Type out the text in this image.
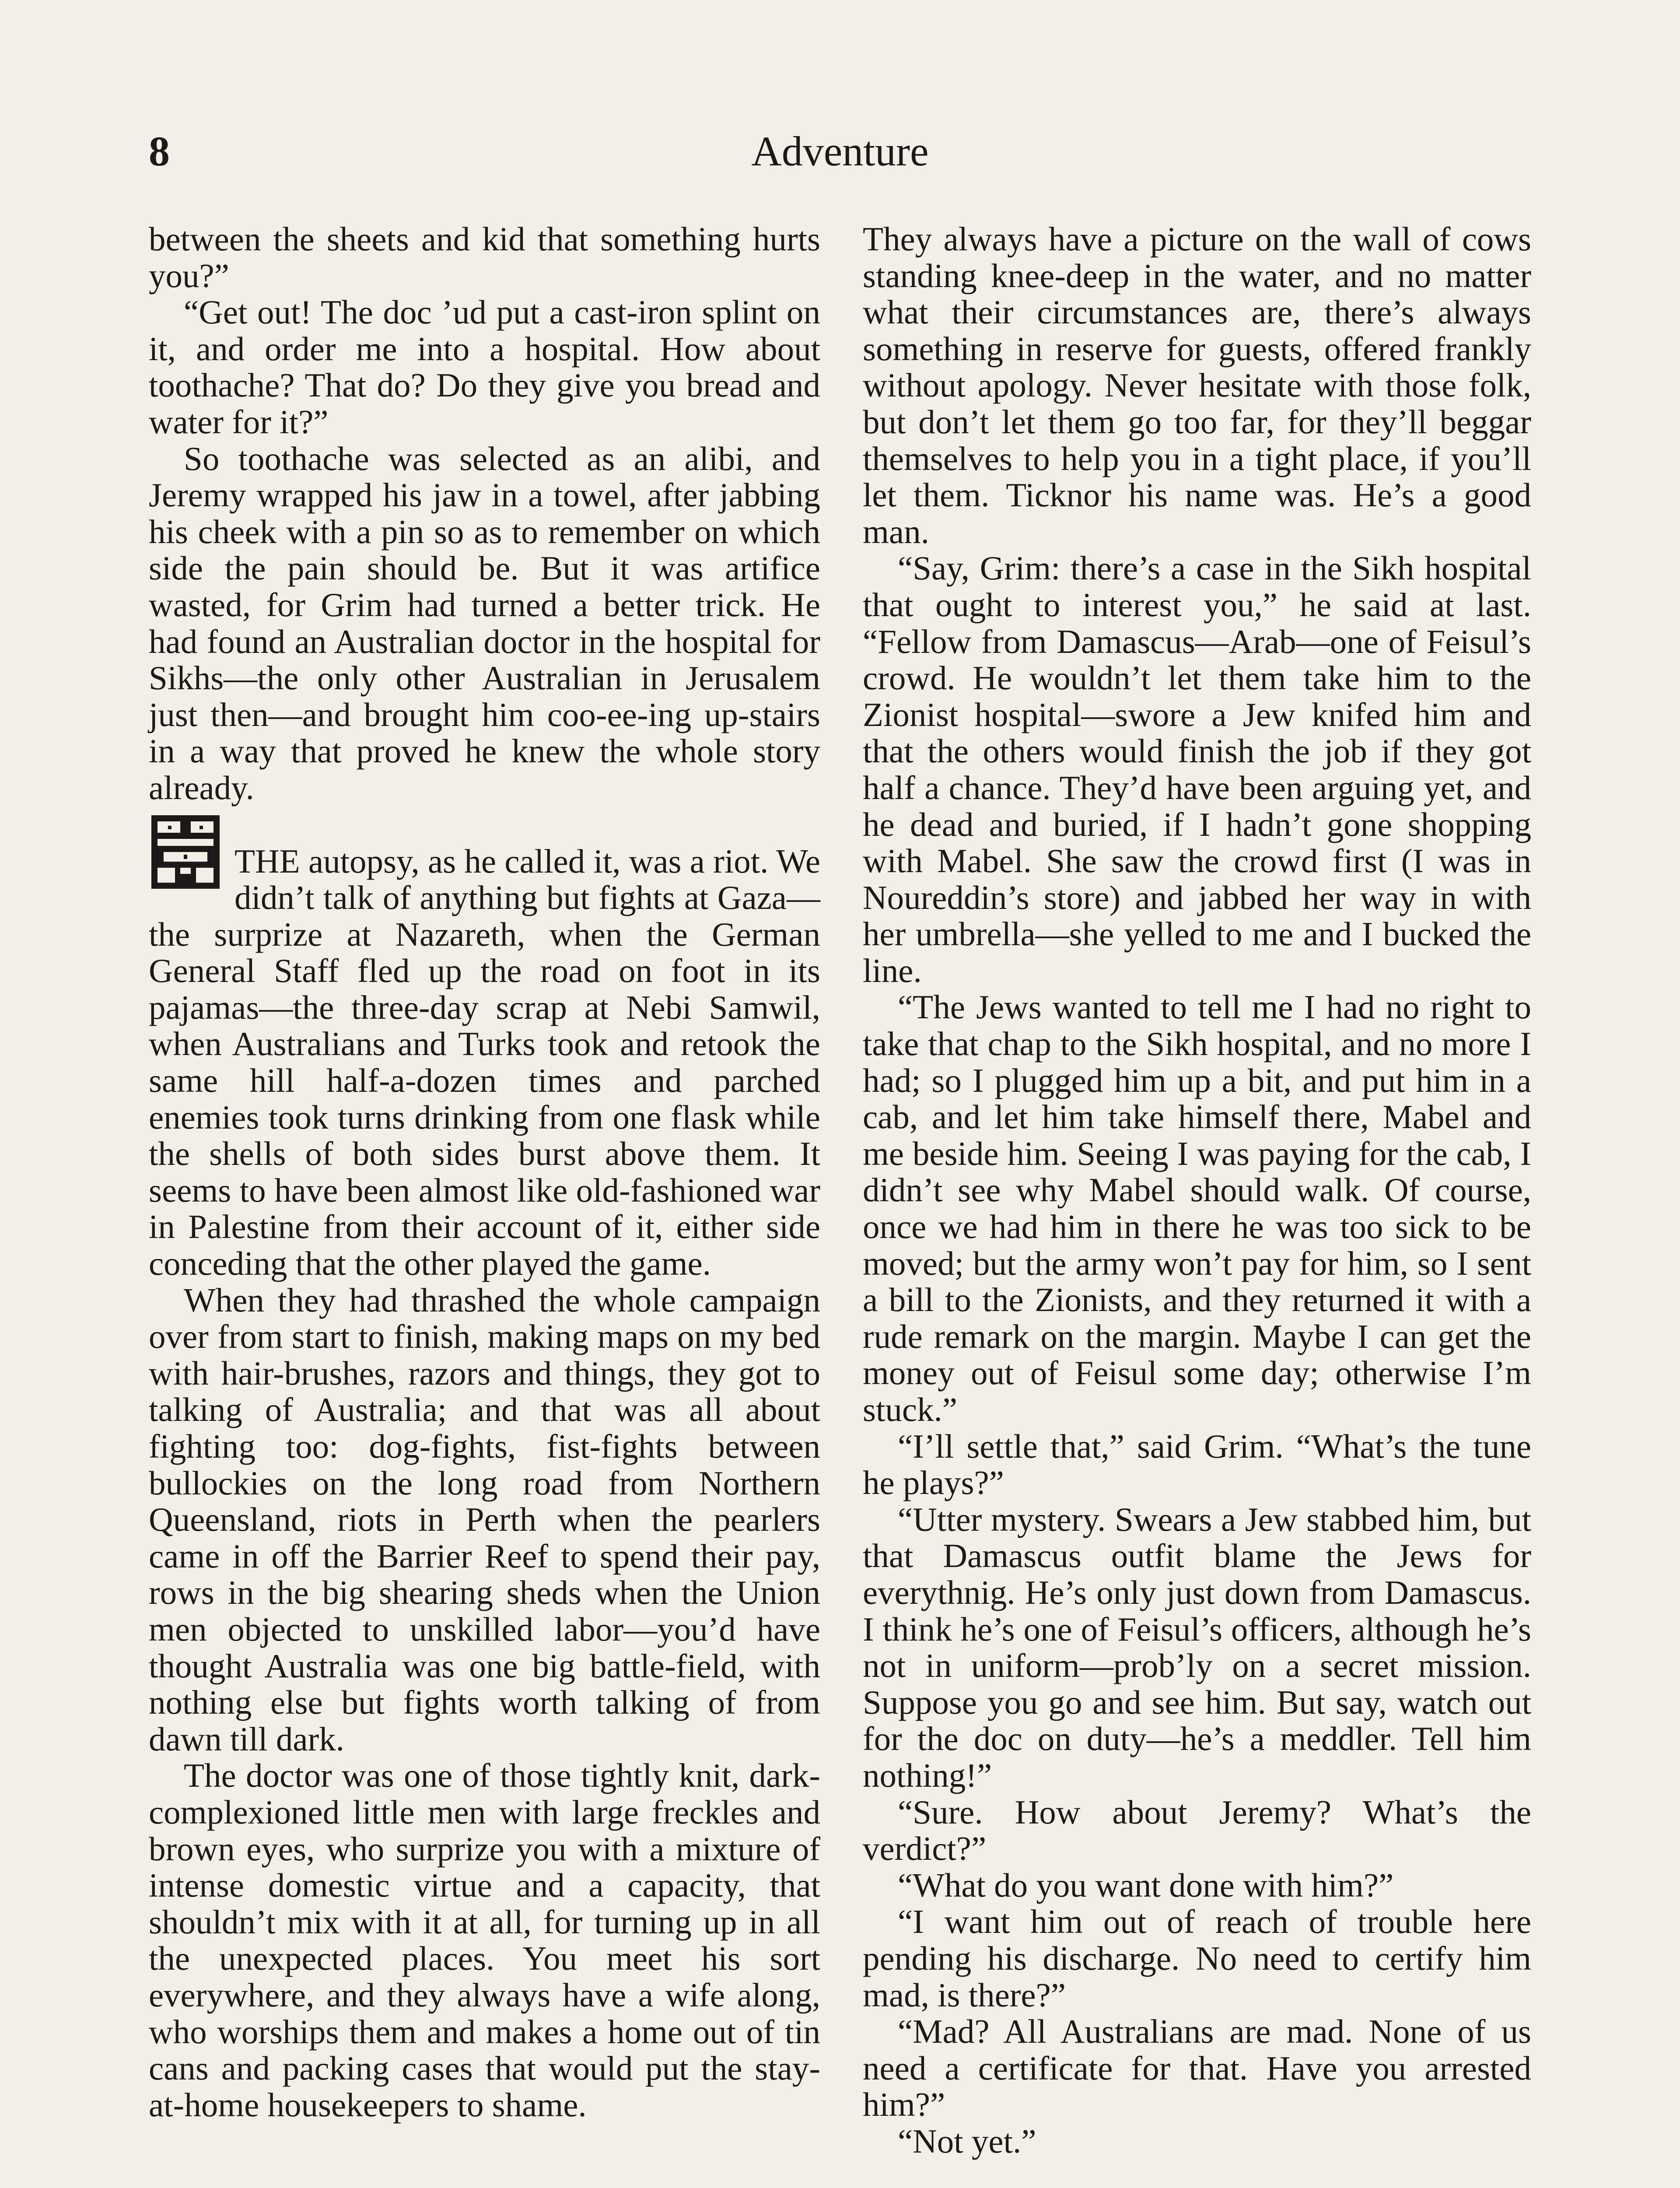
8	Adventure

between the sheets and kid that something hurts you?”

“Get out! The doc ’ud put a cast-iron splint on it, and order me into a hospital. How about toothache? That do? Do they give you bread and water for it?”

So toothache was selected as an alibi, and Jeremy wrapped his jaw in a towel, after jabbing his cheek with a pin so as to remember on which side the pain should be. But it was artifice wasted, for Grim had turned a better trick. He had found an Australian doctor in the hospital for Sikhs—the only other Australian in Jerusalem just then—and brought him coo-ee-ing up-stairs in a way that proved he knew the whole story already.

THE autopsy, as he called it, was a riot. We didn’t talk of anything but fights at Gaza—the surprize at Nazareth, when the German General Staff fled up the road on foot in its pajamas—the three-day scrap at Nebi Samwil, when Australians and Turks took and retook the same hill half-a-dozen times and parched enemies took turns drinking from one flask while the shells of both sides burst above them. It seems to have been almost like old-fashioned war in Palestine from their account of it, either side conceding that the other played the game.

When they had thrashed the whole campaign over from start to finish, making maps on my bed with hair-brushes, razors and things, they got to talking of Australia; and that was all about fighting too: dog-fights, fist-fights between bullockies on the long road from Northern Queensland, riots in Perth when the pearlers came in off the Barrier Reef to spend their pay, rows in the big shearing sheds when the Union men objected to unskilled labor—you’d have thought Australia was one big battle-field, with nothing else but fights worth talking of from dawn till dark.

The doctor was one of those tightly knit, dark-complexioned little men with large freckles and brown eyes, who surprize you with a mixture of intense domestic virtue and a capacity, that shouldn’t mix with it at all, for turning up in all the unexpected places. You meet his sort everywhere, and they always have a wife along, who worships them and makes a home out of tin cans and packing cases that would put the stay-at-home housekeepers to shame.

They always have a picture on the wall of cows standing knee-deep in the water, and no matter what their circumstances are, there’s always something in reserve for guests, offered frankly without apology. Never hesitate with those folk, but don’t let them go too far, for they’ll beggar themselves to help you in a tight place, if you’ll let them. Ticknor his name was. He’s a good man.

“Say, Grim: there’s a case in the Sikh hospital that ought to interest you,” he said at last. “Fellow from Damascus—Arab—one of Feisul’s crowd. He wouldn’t let them take him to the Zionist hospital—swore a Jew knifed him and that the others would finish the job if they got half a chance. They’d have been arguing yet, and he dead and buried, if I hadn’t gone shopping with Mabel. She saw the crowd first (I was in Noureddin’s store) and jabbed her way in with her umbrella—she yelled to me and I bucked the line.

“The Jews wanted to tell me I had no right to take that chap to the Sikh hospital, and no more I had; so I plugged him up a bit, and put him in a cab, and let him take himself there, Mabel and me beside him. Seeing I was paying for the cab, I didn’t see why Mabel should walk. Of course, once we had him in there he was too sick to be moved; but the army won’t pay for him, so I sent a bill to the Zionists, and they returned it with a rude remark on the margin. Maybe I can get the money out of Feisul some day; otherwise I’m stuck.”

“I’ll settle that,” said Grim. “What’s the tune he plays?”

“Utter mystery. Swears a Jew stabbed him, but that Damascus outfit blame the Jews for everythnig. He’s only just down from Damascus. I think he’s one of Feisul’s officers, although he’s not in uniform—prob’ly on a secret mission. Suppose you go and see him. But say, watch out for the doc on duty—he’s a meddler. Tell him nothing!”

“Sure. How about Jeremy? What’s the verdict?”

“What do you want done with him?”

“I want him out of reach of trouble here pending his discharge. No need to certify him mad, is there?”

“Mad? All Australians are mad. None of us need a certificate for that. Have you arrested him?”

“Not yet.”
